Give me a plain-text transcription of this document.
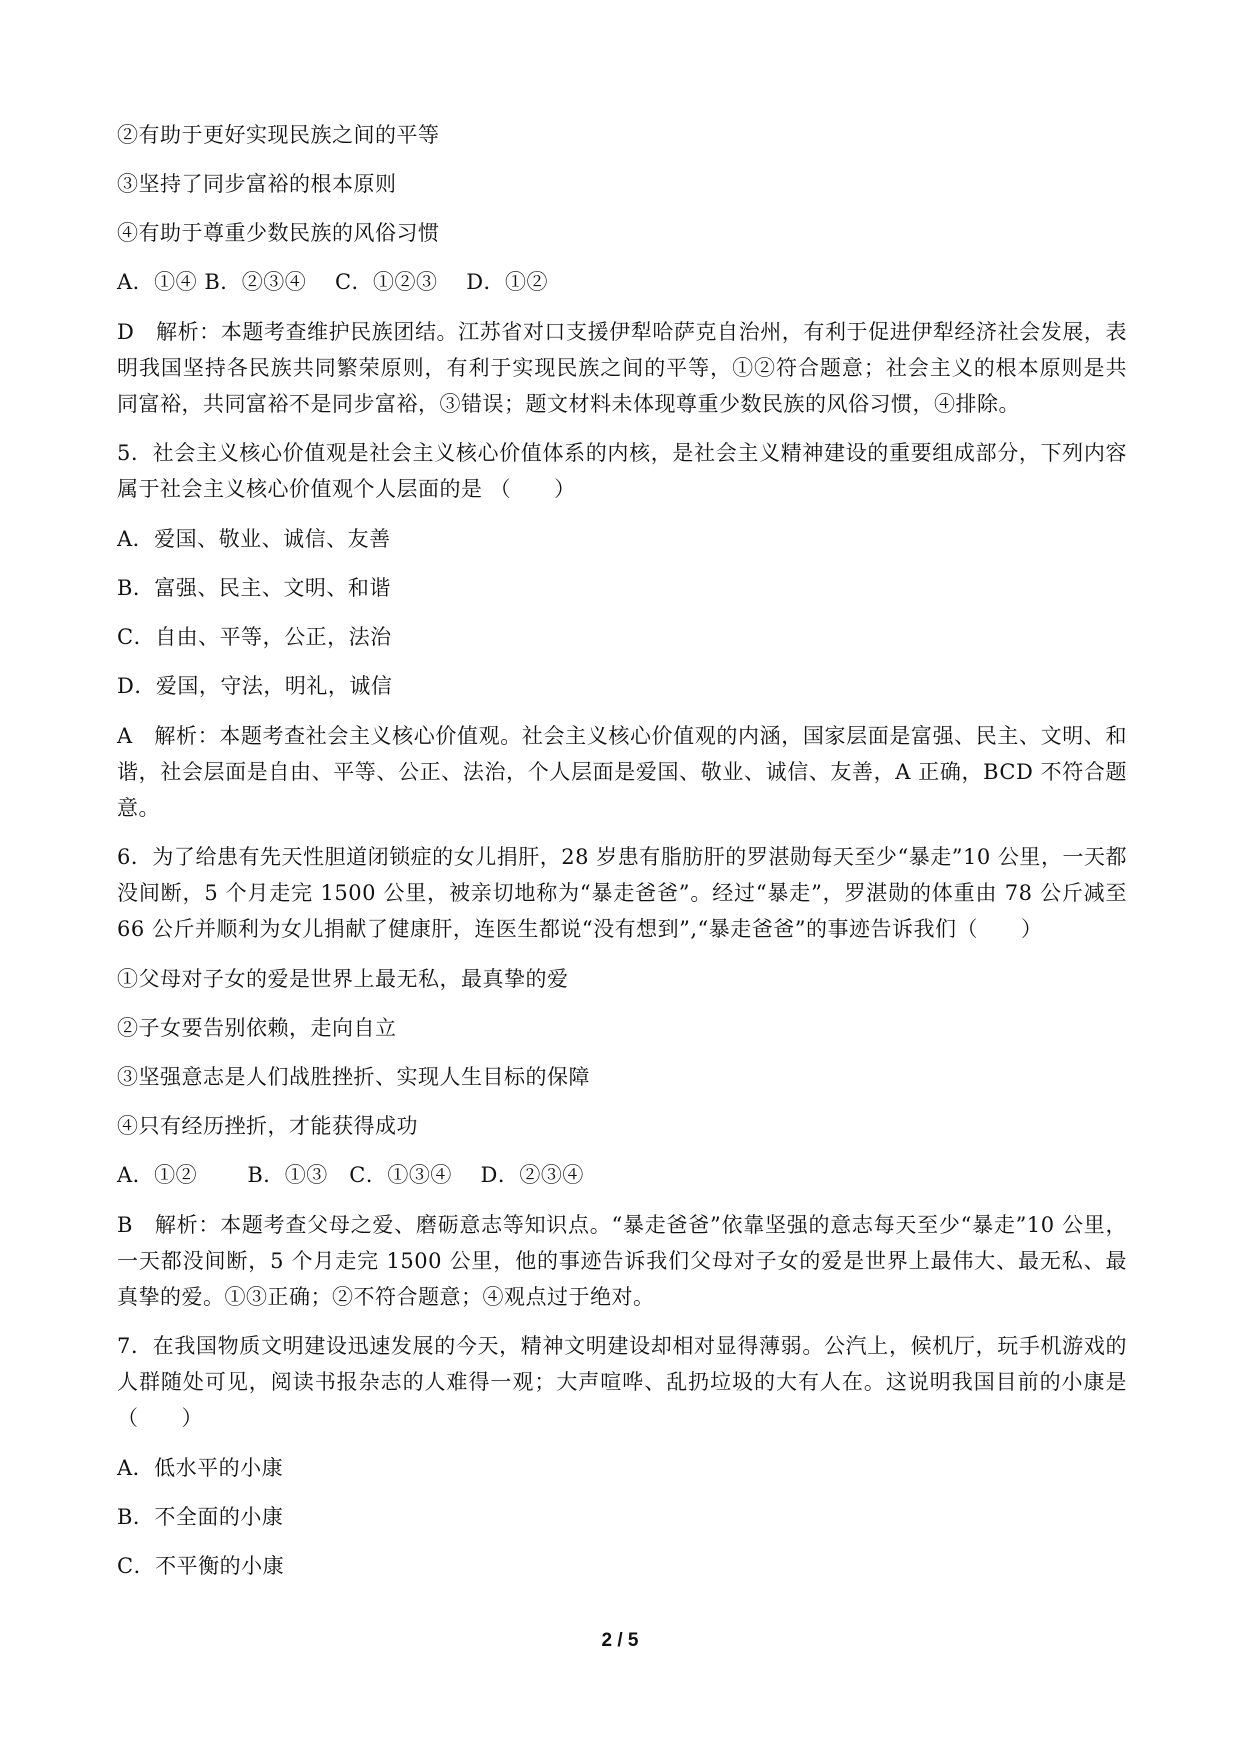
②有助于更好实现民族之间的平等
③坚持了同步富裕的根本原则
④有助于尊重少数民族的风俗习惯
A．①④ B．②③④　 C．①②③　 D．①②
D　解析：本题考查维护民族团结。江苏省对口支援伊犁哈萨克自治州，有利于促进伊犁经济社会发展，表明我国坚持各民族共同繁荣原则，有利于实现民族之间的平等，①②符合题意；社会主义的根本原则是共同富裕，共同富裕不是同步富裕，③错误；题文材料未体现尊重少数民族的风俗习惯，④排除。
5．社会主义核心价值观是社会主义核心价值体系的内核，是社会主义精神建设的重要组成部分，下列内容属于社会主义核心价值观个人层面的是 （　　）
A．爱国、敬业、诚信、友善
B．富强、民主、文明、和谐
C．自由、平等，公正，法治
D．爱国，守法，明礼，诚信
A　解析：本题考查社会主义核心价值观。社会主义核心价值观的内涵，国家层面是富强、民主、文明、和谐，社会层面是自由、平等、公正、法治，个人层面是爱国、敬业、诚信、友善，A 正确，BCD 不符合题意。
6．为了给患有先天性胆道闭锁症的女儿捐肝，28 岁患有脂肪肝的罗湛勋每天至少“暴走”10 公里，一天都没间断，5 个月走完 1500 公里，被亲切地称为“暴走爸爸”。经过“暴走”，罗湛勋的体重由 78 公斤减至 66 公斤并顺利为女儿捐献了健康肝，连医生都说“没有想到”,“暴走爸爸”的事迹告诉我们（　　）
①父母对子女的爱是世界上最无私，最真挚的爱
②子女要告别依赖，走向自立
③坚强意志是人们战胜挫折、实现人生目标的保障
④只有经历挫折，才能获得成功
A．①②　　 B．①③　C．①③④　 D．②③④
B　解析：本题考查父母之爱、磨砺意志等知识点。“暴走爸爸”依靠坚强的意志每天至少“暴走”10 公里，一天都没间断，5 个月走完 1500 公里，他的事迹告诉我们父母对子女的爱是世界上最伟大、最无私、最真挚的爱。①③正确；②不符合题意；④观点过于绝对。
7．在我国物质文明建设迅速发展的今天，精神文明建设却相对显得薄弱。公汽上，候机厅，玩手机游戏的人群随处可见，阅读书报杂志的人难得一观；大声喧哗、乱扔垃圾的大有人在。这说明我国目前的小康是（　　）
A．低水平的小康
B．不全面的小康
C．不平衡的小康
2 / 5
